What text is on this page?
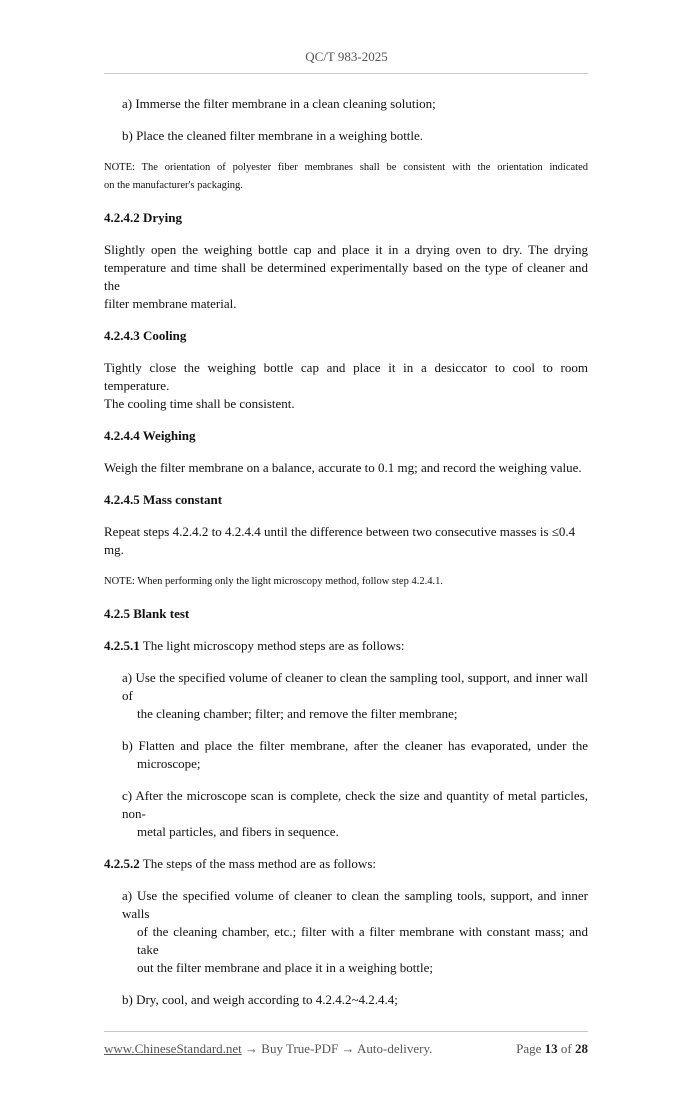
QC/T 983-2025
a) Immerse the filter membrane in a clean cleaning solution;
b) Place the cleaned filter membrane in a weighing bottle.
NOTE: The orientation of polyester fiber membranes shall be consistent with the orientation indicated
on the manufacturer's packaging.
4.2.4.2 Drying
Slightly open the weighing bottle cap and place it in a drying oven to dry. The drying
temperature and time shall be determined experimentally based on the type of cleaner and the
filter membrane material.
4.2.4.3 Cooling
Tightly close the weighing bottle cap and place it in a desiccator to cool to room temperature.
The cooling time shall be consistent.
4.2.4.4 Weighing
Weigh the filter membrane on a balance, accurate to 0.1 mg; and record the weighing value.
4.2.4.5 Mass constant
Repeat steps 4.2.4.2 to 4.2.4.4 until the difference between two consecutive masses is ≤0.4 mg.
NOTE: When performing only the light microscopy method, follow step 4.2.4.1.
4.2.5 Blank test
4.2.5.1 The light microscopy method steps are as follows:
a) Use the specified volume of cleaner to clean the sampling tool, support, and inner wall of
the cleaning chamber; filter; and remove the filter membrane;
b) Flatten and place the filter membrane, after the cleaner has evaporated, under the
microscope;
c) After the microscope scan is complete, check the size and quantity of metal particles, non-
metal particles, and fibers in sequence.
4.2.5.2 The steps of the mass method are as follows:
a) Use the specified volume of cleaner to clean the sampling tools, support, and inner walls
of the cleaning chamber, etc.; filter with a filter membrane with constant mass; and take
out the filter membrane and place it in a weighing bottle;
b) Dry, cool, and weigh according to 4.2.4.2~4.2.4.4;
www.ChineseStandard.net → Buy True-PDF → Auto-delivery.	Page 13 of 28
